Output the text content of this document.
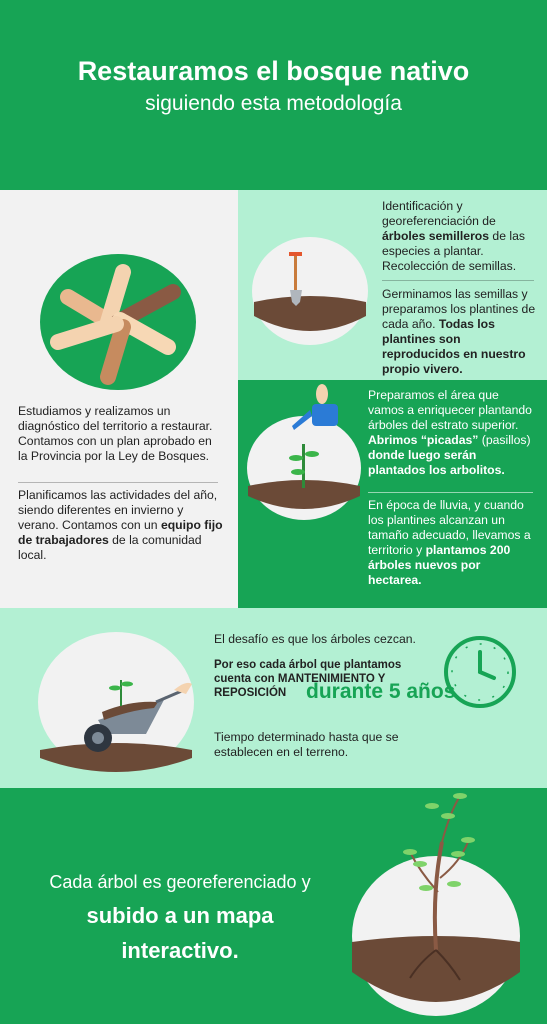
Restauramos el bosque nativo
siguiendo esta metodología
Estudiamos y realizamos un diagnóstico del territorio a restaurar. Contamos con un plan aprobado en la Provincia por la Ley de Bosques.
Planificamos las actividades del año, siendo diferentes en invierno y verano. Contamos con un equipo fijo de trabajadores de la comunidad local.
Identificación y georeferenciación de árboles semilleros de las especies a plantar. Recolección de semillas.
Germinamos las semillas y preparamos los plantines de cada año. Todas los plantines son reproducidos en nuestro propio vivero.
Preparamos el área que vamos a enriquecer plantando árboles del estrato superior. Abrimos “picadas” (pasillos) donde luego serán plantados los arbolitos.
En época de lluvia, y cuando los plantines alcanzan un tamaño adecuado, llevamos a territorio y plantamos 200 árboles nuevos por hectarea.
El desafío es que los árboles cezcan.
Por eso cada árbol que plantamos cuenta con MANTENIMIENTO Y REPOSICIÓN durante 5 años
Tiempo determinado hasta que se establecen en el terreno.
Cada árbol es georeferenciado y subido a un mapa interactivo.
